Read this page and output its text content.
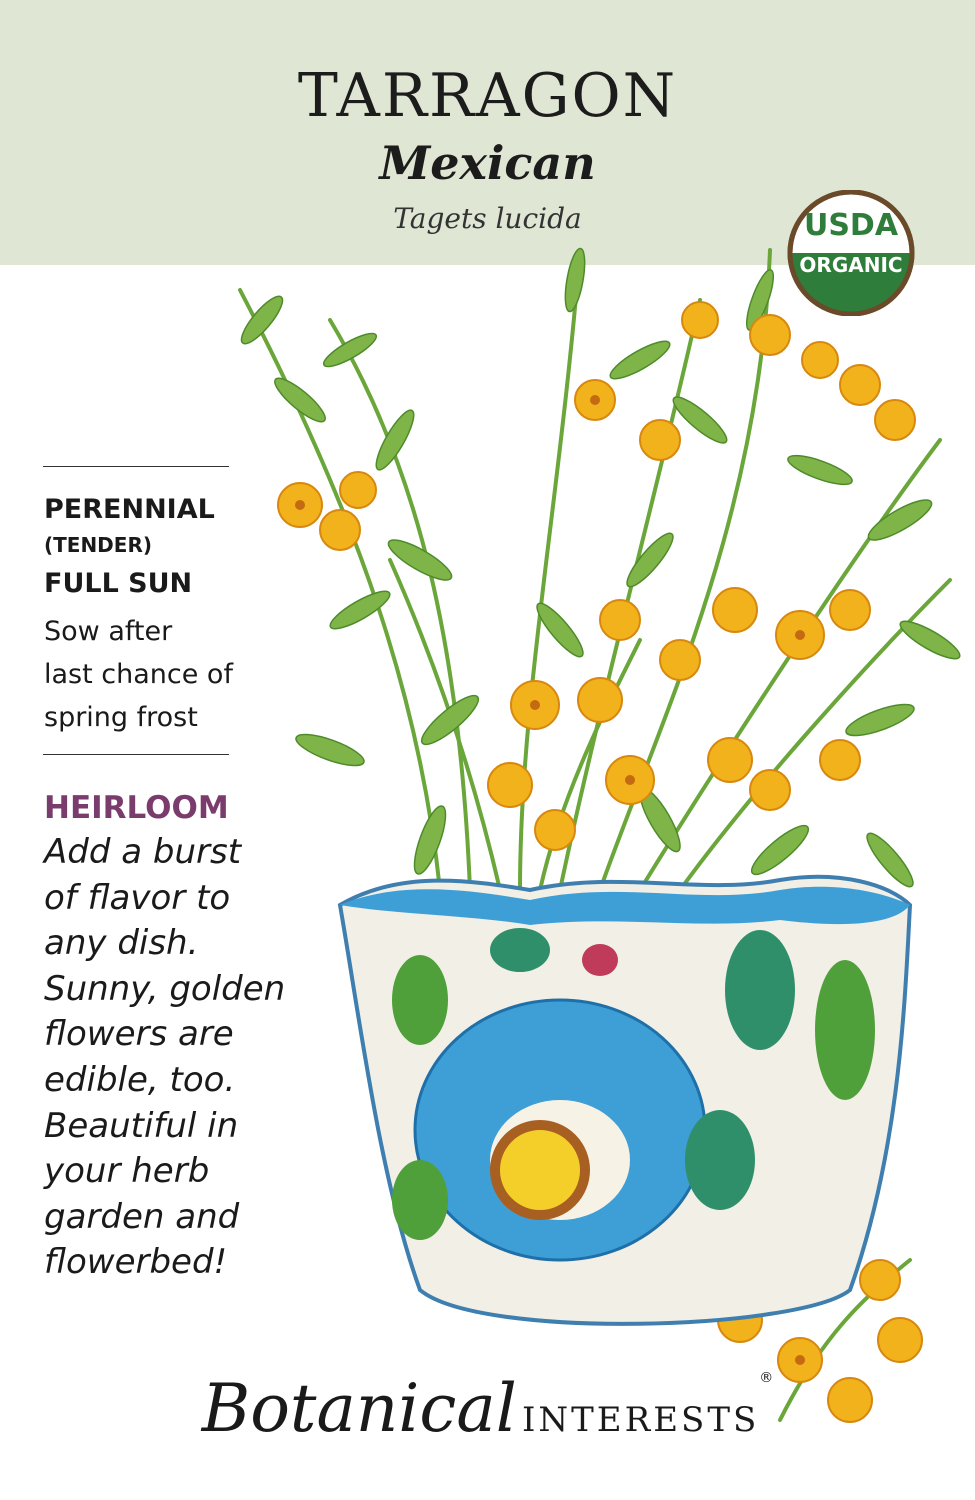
TARRAGON
Mexican
Tagets lucida	USDA
ORGANIC
PERENNIAL
(TENDER)
FULL SUN
Sow after
last chance of
spring frost
HEIRLOOM
Add a burst
of flavor to
any dish.
Sunny, golden
flowers are
edible, too.
Beautiful in
your herb
garden and
flowerbed!
Botanical INTERESTS®
